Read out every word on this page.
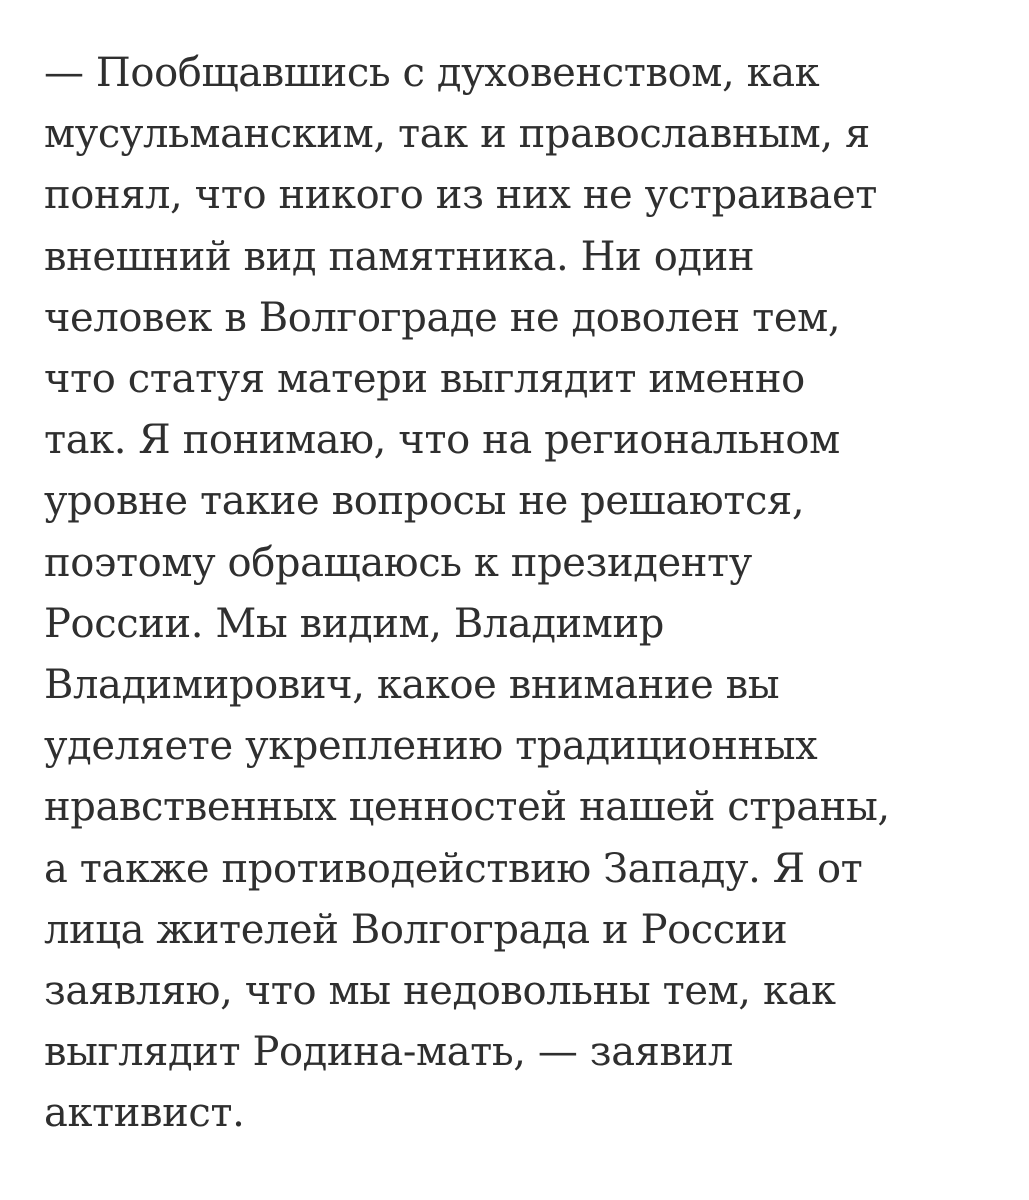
— Пообщавшись с духовенством, как
мусульманским, так и православным, я
понял, что никого из них не устраивает
внешний вид памятника. Ни один
человек в Волгограде не доволен тем,
что статуя матери выглядит именно
так. Я понимаю, что на региональном
уровне такие вопросы не решаются,
поэтому обращаюсь к президенту
России. Мы видим, Владимир
Владимирович, какое внимание вы
уделяете укреплению традиционных
нравственных ценностей нашей страны,
а также противодействию Западу. Я от
лица жителей Волгограда и России
заявляю, что мы недовольны тем, как
выглядит Родина-мать, — заявил
активист.
